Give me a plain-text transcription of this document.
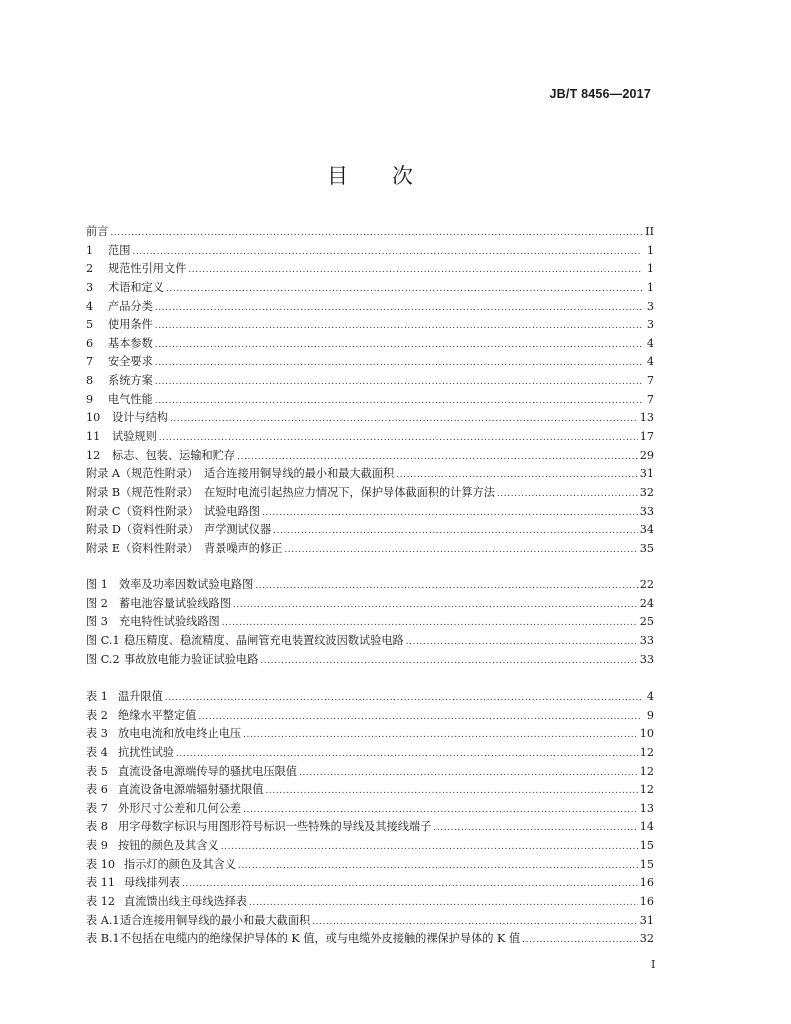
JB/T 8456—2017
目次
前言 .....	II
1	范围 .....	1
2	规范性引用文件 .....	1
3	术语和定义 .....	1
4	产品分类 .....	3
5	使用条件 .....	3
6	基本参数 .....	4
7	安全要求 .....	4
8	系统方案 .....	7
9	电气性能 .....	7
10	设计与结构 .....	13
11	试验规则 .....	17
12	标志、包装、运输和贮存 .....	29
附录 A（规范性附录） 适合连接用铜导线的最小和最大截面积 .....	31
附录 B（规范性附录） 在短时电流引起热应力情况下，保护导体截面积的计算方法 .....	32
附录 C（资料性附录） 试验电路图 .....	33
附录 D（资料性附录） 声学测试仪器 .....	34
附录 E（资料性附录） 背景噪声的修正 .....	35
图 1 效率及功率因数试验电路图 .....	22
图 2 蓄电池容量试验线路图 .....	24
图 3 充电特性试验线路图 .....	25
图 C.1 稳压精度、稳流精度、晶闸管充电装置纹波因数试验电路 .....	33
图 C.2 事故放电能力验证试验电路 .....	33
表 1 温升限值 .....	4
表 2 绝缘水平整定值 .....	9
表 3 放电电流和放电终止电压 .....	10
表 4 抗扰性试验 .....	12
表 5 直流设备电源端传导的骚扰电压限值 .....	12
表 6 直流设备电源端辐射骚扰限值 .....	12
表 7 外形尺寸公差和几何公差 .....	13
表 8 用字母数字标识与用图形符号标识一些特殊的导线及其接线端子 .....	14
表 9 按钮的颜色及其含义 .....	15
表 10 指示灯的颜色及其含义 .....	15
表 11 母线排列表 .....	16
表 12 直流馈出线主母线选择表 .....	16
表 A.1 适合连接用铜导线的最小和最大截面积 .....	31
表 B.1 不包括在电缆内的绝缘保护导体的 K 值，或与电缆外皮接触的裸保护导体的 K 值 .....	32
I
